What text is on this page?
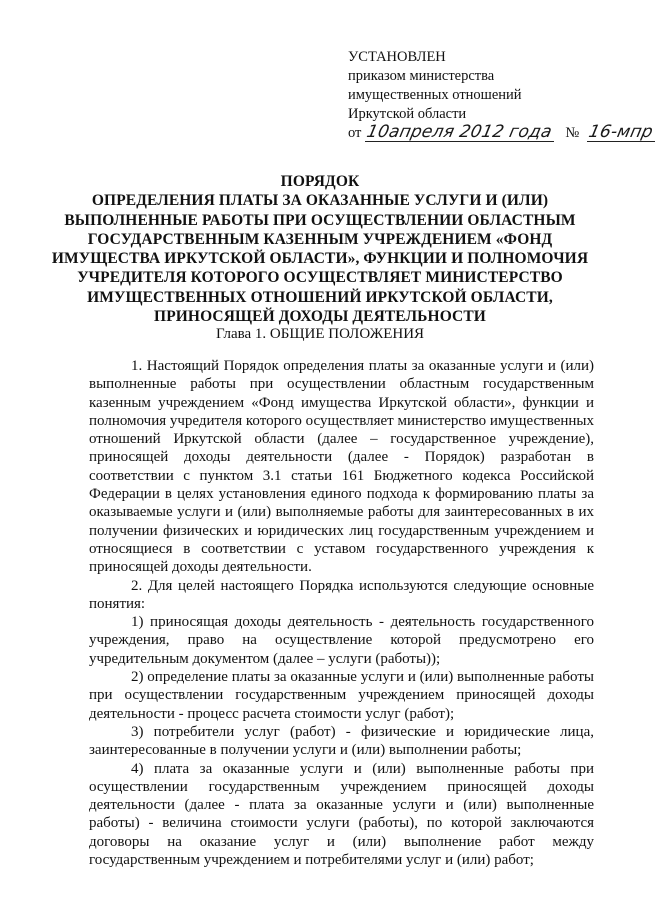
УСТАНОВЛЕН
приказом министерства
имущественных отношений
Иркутской области
от 10апреля 2012 года № 16-мпр
ПОРЯДОК
ОПРЕДЕЛЕНИЯ ПЛАТЫ ЗА ОКАЗАННЫЕ УСЛУГИ И (ИЛИ) ВЫПОЛНЕННЫЕ РАБОТЫ ПРИ ОСУЩЕСТВЛЕНИИ ОБЛАСТНЫМ ГОСУДАРСТВЕННЫМ КАЗЕННЫМ УЧРЕЖДЕНИЕМ «ФОНД ИМУЩЕСТВА ИРКУТСКОЙ ОБЛАСТИ», ФУНКЦИИ И ПОЛНОМОЧИЯ УЧРЕДИТЕЛЯ КОТОРОГО ОСУЩЕСТВЛЯЕТ МИНИСТЕРСТВО ИМУЩЕСТВЕННЫХ ОТНОШЕНИЙ ИРКУТСКОЙ ОБЛАСТИ, ПРИНОСЯЩЕЙ ДОХОДЫ ДЕЯТЕЛЬНОСТИ
Глава 1. ОБЩИЕ ПОЛОЖЕНИЯ

1. Настоящий Порядок определения платы за оказанные услуги и (или) выполненные работы при осуществлении областным государственным казенным учреждением «Фонд имущества Иркутской области», функции и полномочия учредителя которого осуществляет министерство имущественных отношений Иркутской области (далее – государственное учреждение), приносящей доходы деятельности (далее - Порядок) разработан в соответствии с пунктом 3.1 статьи 161 Бюджетного кодекса Российской Федерации в целях установления единого подхода к формированию платы за оказываемые услуги и (или) выполняемые работы для заинтересованных в их получении физических и юридических лиц государственным учреждением и относящиеся в соответствии с уставом государственного учреждения к приносящей доходы деятельности.

2. Для целей настоящего Порядка используются следующие основные понятия:

1) приносящая доходы деятельность - деятельность государственного учреждения, право на осуществление которой предусмотрено его учредительным документом (далее – услуги (работы));

2) определение платы за оказанные услуги и (или) выполненные работы при осуществлении государственным учреждением приносящей доходы деятельности - процесс расчета стоимости услуг (работ);

3) потребители услуг (работ) - физические и юридические лица, заинтересованные в получении услуги и (или) выполнении работы;

4) плата за оказанные услуги и (или) выполненные работы при осуществлении государственным учреждением приносящей доходы деятельности (далее - плата за оказанные услуги и (или) выполненные работы) - величина стоимости услуги (работы), по которой заключаются договоры на оказание услуг и (или) выполнение работ между государственным учреждением и потребителями услуг и (или) работ;
